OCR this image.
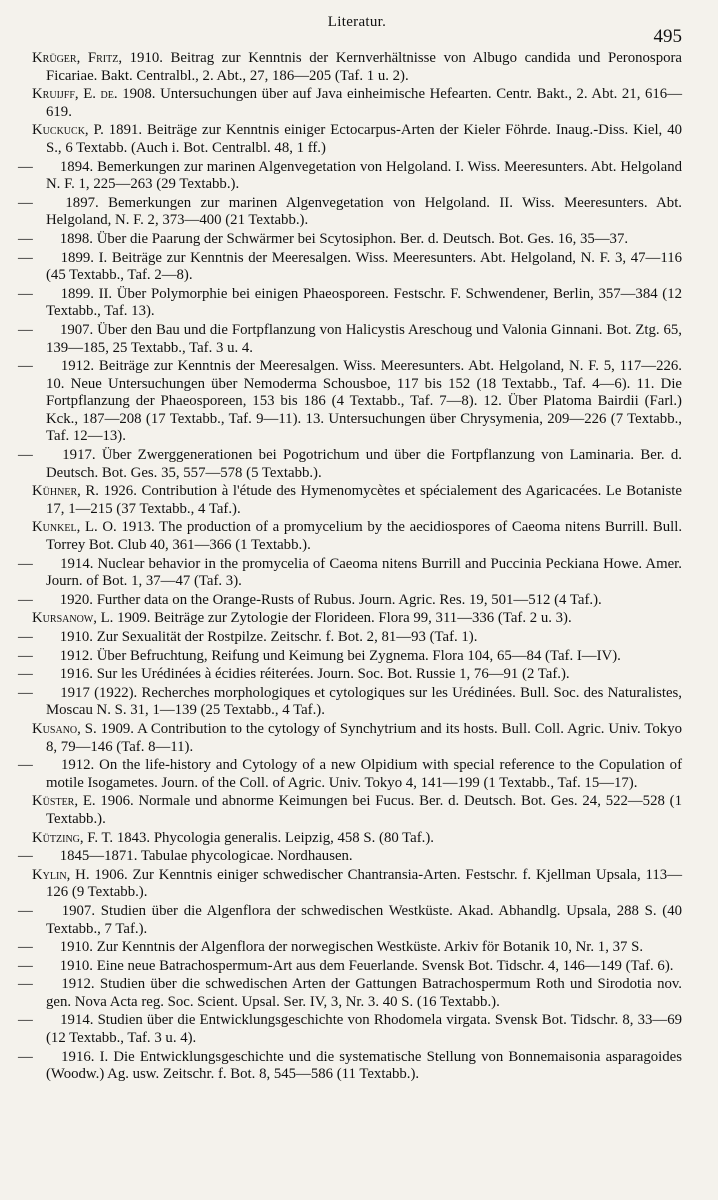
Literatur.
495

Krüger, Fritz, 1910. Beitrag zur Kenntnis der Kernverhältnisse von Albugo candida und Peronospora Ficariae. Bakt. Centralbl., 2. Abt., 27, 186—205 (Taf. 1 u. 2).

Kruijff, E. de. 1908. Untersuchungen über auf Java einheimische Hefearten. Centr. Bakt., 2. Abt. 21, 616—619.

Kuckuck, P. 1891. Beiträge zur Kenntnis einiger Ectocarpus-Arten der Kieler Föhrde. Inaug.-Diss. Kiel, 40 S., 6 Textabb. (Auch i. Bot. Centralbl. 48, 1 ff.)

— 1894. Bemerkungen zur marinen Algenvegetation von Helgoland. I. Wiss. Meeresunters. Abt. Helgoland N. F. 1, 225—263 (29 Textabb.).

— 1897. Bemerkungen zur marinen Algenvegetation von Helgoland. II. Wiss. Meeresunters. Abt. Helgoland, N. F. 2, 373—400 (21 Textabb.).

— 1898. Über die Paarung der Schwärmer bei Scytosiphon. Ber. d. Deutsch. Bot. Ges. 16, 35—37.

— 1899. I. Beiträge zur Kenntnis der Meeresalgen. Wiss. Meeresunters. Abt. Helgoland, N. F. 3, 47—116 (45 Textabb., Taf. 2—8).

— 1899. II. Über Polymorphie bei einigen Phaeosporeen. Festschr. F. Schwendener, Berlin, 357—384 (12 Textabb., Taf. 13).

— 1907. Über den Bau und die Fortpflanzung von Halicystis Areschoug und Valonia Ginnani. Bot. Ztg. 65, 139—185, 25 Textabb., Taf. 3 u. 4.

— 1912. Beiträge zur Kenntnis der Meeresalgen. Wiss. Meeresunters. Abt. Helgoland, N. F. 5, 117—226. 10. Neue Untersuchungen über Nemoderma Schousboe, 117 bis 152 (18 Textabb., Taf. 4—6). 11. Die Fortpflanzung der Phaeosporeen, 153 bis 186 (4 Textabb., Taf. 7—8). 12. Über Platoma Bairdii (Farl.) Kck., 187—208 (17 Textabb., Taf. 9—11). 13. Untersuchungen über Chrysymenia, 209—226 (7 Textabb., Taf. 12—13).

— 1917. Über Zwerggenerationen bei Pogotrichum und über die Fortpflanzung von Laminaria. Ber. d. Deutsch. Bot. Ges. 35, 557—578 (5 Textabb.).

Kühner, R. 1926. Contribution à l'étude des Hymenomycètes et spécialement des Agaricacées. Le Botaniste 17, 1—215 (37 Textabb., 4 Taf.).

Kunkel, L. O. 1913. The production of a promycelium by the aecidiospores of Caeoma nitens Burrill. Bull. Torrey Bot. Club 40, 361—366 (1 Textabb.).

— 1914. Nuclear behavior in the promycelia of Caeoma nitens Burrill and Puccinia Peckiana Howe. Amer. Journ. of Bot. 1, 37—47 (Taf. 3).

— 1920. Further data on the Orange-Rusts of Rubus. Journ. Agric. Res. 19, 501—512 (4 Taf.).

Kursanow, L. 1909. Beiträge zur Zytologie der Florideen. Flora 99, 311—336 (Taf. 2 u. 3).

— 1910. Zur Sexualität der Rostpilze. Zeitschr. f. Bot. 2, 81—93 (Taf. 1).

— 1912. Über Befruchtung, Reifung und Keimung bei Zygnema. Flora 104, 65—84 (Taf. I—IV).

— 1916. Sur les Urédinées à écidies réiterées. Journ. Soc. Bot. Russie 1, 76—91 (2 Taf.).

— 1917 (1922). Recherches morphologiques et cytologiques sur les Urédinées. Bull. Soc. des Naturalistes, Moscau N. S. 31, 1—139 (25 Textabb., 4 Taf.).

Kusano, S. 1909. A Contribution to the cytology of Synchytrium and its hosts. Bull. Coll. Agric. Univ. Tokyo 8, 79—146 (Taf. 8—11).

— 1912. On the life-history and Cytology of a new Olpidium with special reference to the Copulation of motile Isogametes. Journ. of the Coll. of Agric. Univ. Tokyo 4, 141—199 (1 Textabb., Taf. 15—17).

Küster, E. 1906. Normale und abnorme Keimungen bei Fucus. Ber. d. Deutsch. Bot. Ges. 24, 522—528 (1 Textabb.).

Kützing, F. T. 1843. Phycologia generalis. Leipzig, 458 S. (80 Taf.).

— 1845—1871. Tabulae phycologicae. Nordhausen.

Kylin, H. 1906. Zur Kenntnis einiger schwedischer Chantransia-Arten. Festschr. f. Kjellman Upsala, 113—126 (9 Textabb.).

— 1907. Studien über die Algenflora der schwedischen Westküste. Akad. Abhandlg. Upsala, 288 S. (40 Textabb., 7 Taf.).

— 1910. Zur Kenntnis der Algenflora der norwegischen Westküste. Arkiv för Botanik 10, Nr. 1, 37 S.

— 1910. Eine neue Batrachospermum-Art aus dem Feuerlande. Svensk Bot. Tidschr. 4, 146—149 (Taf. 6).

— 1912. Studien über die schwedischen Arten der Gattungen Batrachospermum Roth und Sirodotia nov. gen. Nova Acta reg. Soc. Scient. Upsal. Ser. IV, 3, Nr. 3. 40 S. (16 Textabb.).

— 1914. Studien über die Entwicklungsgeschichte von Rhodomela virgata. Svensk Bot. Tidschr. 8, 33—69 (12 Textabb., Taf. 3 u. 4).

— 1916. I. Die Entwicklungsgeschichte und die systematische Stellung von Bonnemaisonia asparagoides (Woodw.) Ag. usw. Zeitschr. f. Bot. 8, 545—586 (11 Textabb.).
